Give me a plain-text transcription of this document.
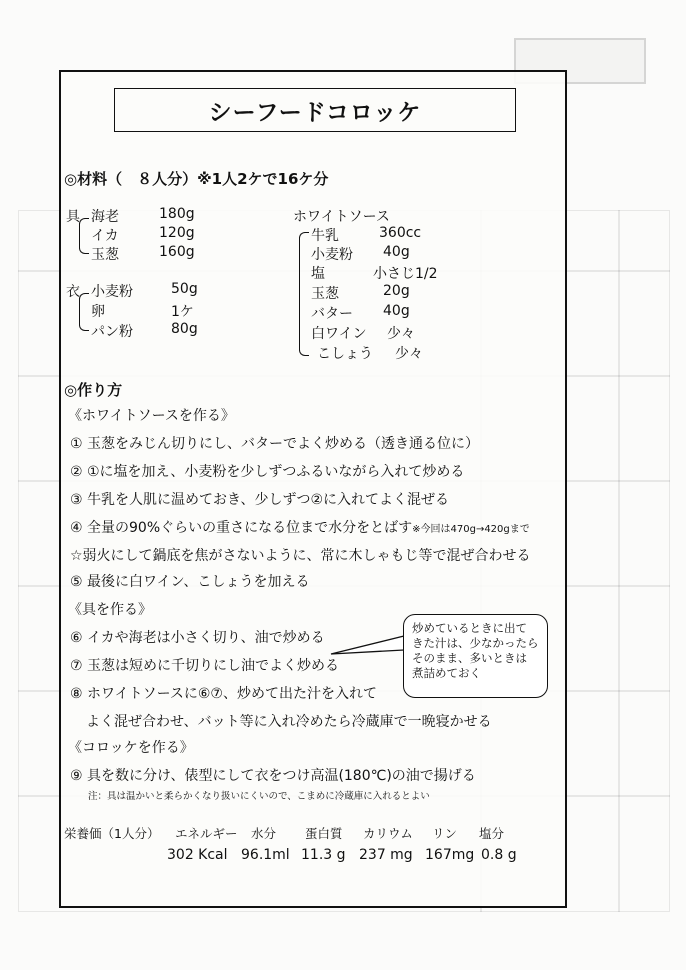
シーフードコロッケ
◎材料（　８人分）※1人2ケで16ケ分
具 海老	180g
イカ	120g
玉葱	160g
衣 小麦粉	50g
卵	1ケ
パン粉	80g
ホワイトソース
牛乳	360cc
小麦粉 40g
塩	小さじ1/2
玉葱	20g
バター 40g
白ワイン 少々
こしょう 少々
◎作り方
《ホワイトソースを作る》
① 玉葱をみじん切りにし、バターでよく炒める（透き通る位に）
② ①に塩を加え、小麦粉を少しずつふるいながら入れて炒める
③ 牛乳を人肌に温めておき、少しずつ②に入れてよく混ぜる
④ 全量の90%ぐらいの重さになる位まで水分をとばす※今回は470g→420gまで
☆弱火にして鍋底を焦がさないように、常に木しゃもじ等で混ぜ合わせる
⑤ 最後に白ワイン、こしょうを加える
《具を作る》
⑥ イカや海老は小さく切り、油で炒める
⑦ 玉葱は短めに千切りにし油でよく炒める
⑧ ホワイトソースに⑥⑦、炒めて出た汁を入れて
よく混ぜ合わせ、バット等に入れ冷めたら冷蔵庫で一晩寝かせる
《コロッケを作る》
⑨ 具を数に分け、俵型にして衣をつけ高温(180℃)の油で揚げる
注：具は温かいと柔らかくなり扱いにくいので、こまめに冷蔵庫に入れるとよい
炒めているときに出て
きた汁は、少なかったら
そのまま、多いときは
煮詰めておく
栄養価（1人分） エネルギー 水分 蛋白質 カリウム リン 塩分
302 Kcal 96.1ml 11.3 g 237 mg 167mg 0.8 g
